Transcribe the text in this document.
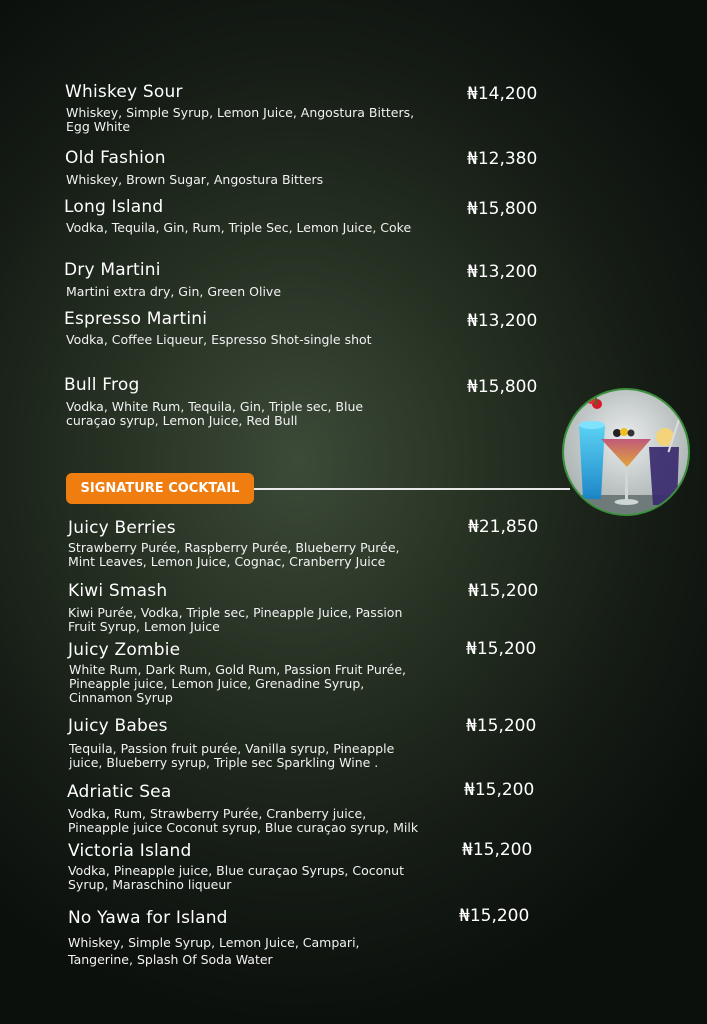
Whiskey Sour	₦14,200
Whiskey, Simple Syrup, Lemon Juice, Angostura Bitters,
Egg White
Old Fashion	₦12,380
Whiskey, Brown Sugar, Angostura Bitters
Long Island	₦15,800
Vodka, Tequila, Gin, Rum, Triple Sec, Lemon Juice, Coke
Dry Martini	₦13,200
Martini extra dry, Gin, Green Olive
Espresso Martini	₦13,200
Vodka, Coffee Liqueur, Espresso Shot-single shot
Bull Frog	₦15,800
Vodka, White Rum, Tequila, Gin, Triple sec, Blue
curaçao syrup, Lemon Juice, Red Bull
SIGNATURE COCKTAIL
Juicy Berries	₦21,850
Strawberry Purée, Raspberry Purée, Blueberry Purée,
Mint Leaves, Lemon Juice, Cognac, Cranberry Juice
Kiwi Smash	₦15,200
Kiwi Purée, Vodka, Triple sec, Pineapple Juice, Passion
Fruit Syrup, Lemon Juice
Juicy Zombie	₦15,200
White Rum, Dark Rum, Gold Rum, Passion Fruit Purée,
Pineapple juice, Lemon Juice, Grenadine Syrup,
Cinnamon Syrup
Juicy Babes	₦15,200
Tequila, Passion fruit purée, Vanilla syrup, Pineapple
juice, Blueberry syrup, Triple sec Sparkling Wine .
Adriatic Sea	₦15,200
Vodka, Rum, Strawberry Purée, Cranberry juice,
Pineapple juice Coconut syrup, Blue curaçao syrup, Milk
Victoria Island	₦15,200
Vodka, Pineapple juice, Blue curaçao Syrups, Coconut
Syrup, Maraschino liqueur
No Yawa for Island	₦15,200
Whiskey, Simple Syrup, Lemon Juice, Campari,
Tangerine, Splash Of Soda Water
